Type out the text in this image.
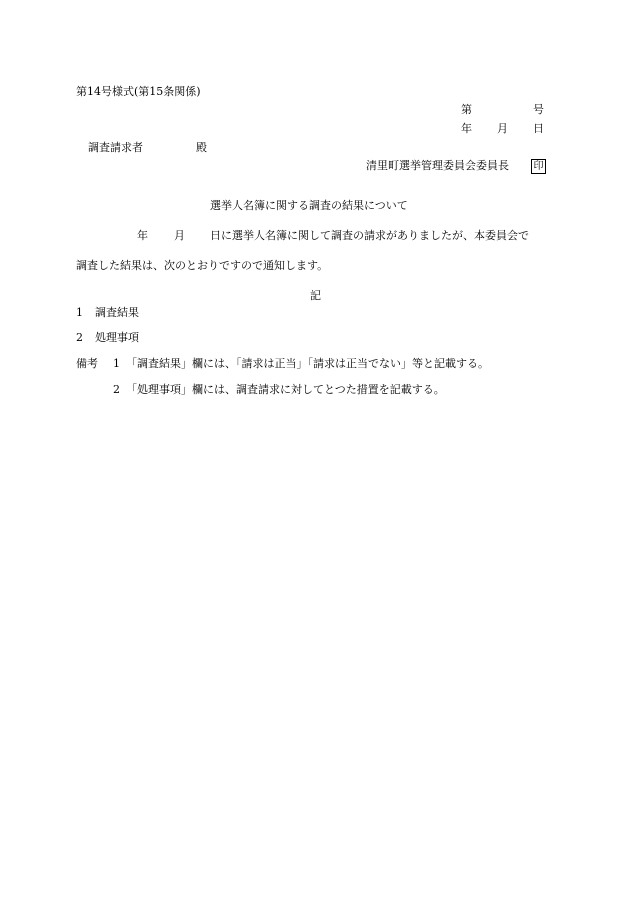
第14号様式(第15条関係)
第	号
年 月 日
調査請求者	殿
清里町選挙管理委員会委員長 印
選挙人名簿に関する調査の結果について
年 月 日に選挙人名簿に関して調査の請求がありましたが、本委員会で
調査した結果は、次のとおりですので通知します。
記
1 調査結果
2 処理事項
備考 1 「調査結果」欄には、「請求は正当」「請求は正当でない」等と記載する。
2 「処理事項」欄には、調査請求に対してとつた措置を記載する。
